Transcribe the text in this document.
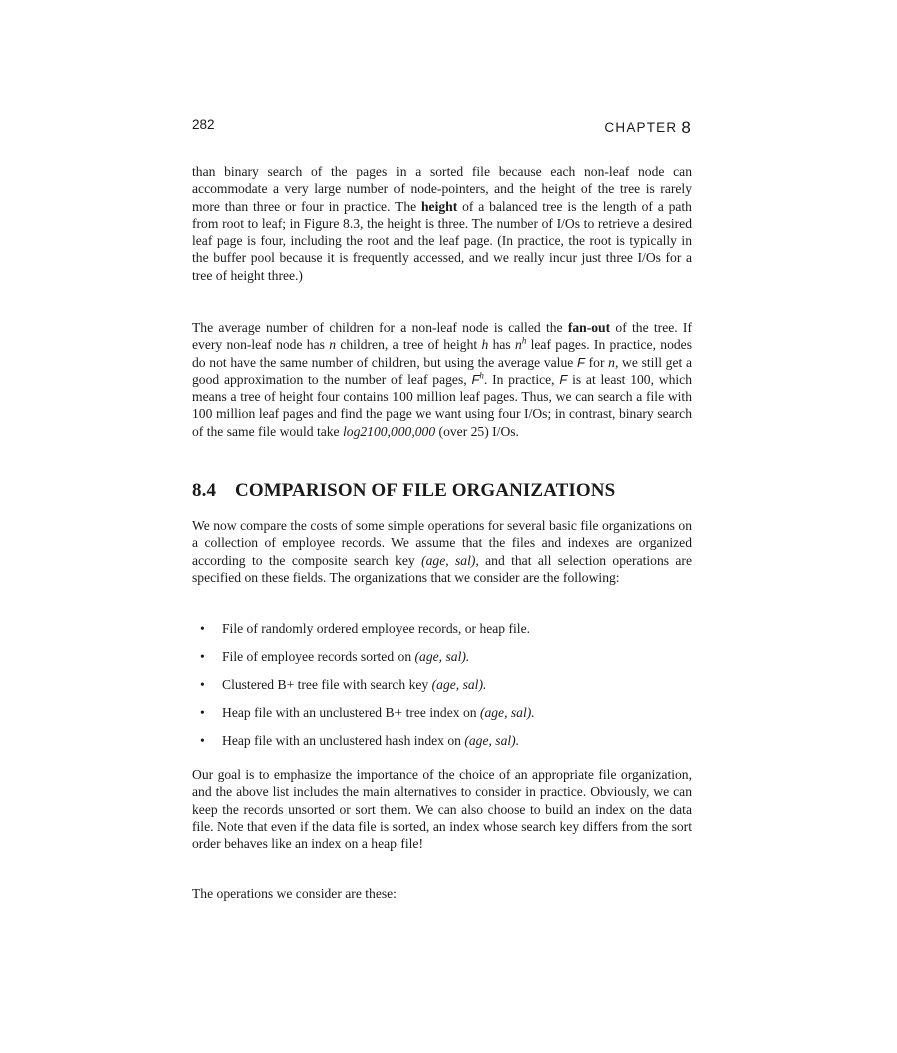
282	CHAPTER 8

than binary search of the pages in a sorted file because each non-leaf node can accommodate a very large number of node-pointers, and the height of the tree is rarely more than three or four in practice. The height of a balanced tree is the length of a path from root to leaf; in Figure 8.3, the height is three. The number of I/Os to retrieve a desired leaf page is four, including the root and the leaf page. (In practice, the root is typically in the buffer pool because it is frequently accessed, and we really incur just three I/Os for a tree of height three.)

The average number of children for a non-leaf node is called the fan-out of the tree. If every non-leaf node has n children, a tree of height h has $n^h$ leaf pages. In practice, nodes do not have the same number of children, but using the average value F for n, we still get a good approximation to the number of leaf pages, $F^h$. In practice, F is at least 100, which means a tree of height four contains 100 million leaf pages. Thus, we can search a file with 100 million leaf pages and find the page we want using four I/Os; in contrast, binary search of the same file would take log2100,000,000 (over 25) I/Os.

8.4 COMPARISON OF FILE ORGANIZATIONS

We now compare the costs of some simple operations for several basic file organizations on a collection of employee records. We assume that the files and indexes are organized according to the composite search key (age, sal), and that all selection operations are specified on these fields. The organizations that we consider are the following:

• File of randomly ordered employee records, or heap file.
• File of employee records sorted on (age, sal).
• Clustered B+ tree file with search key (age, sal).
• Heap file with an unclustered B+ tree index on (age, sal).
• Heap file with an unclustered hash index on (age, sal).

Our goal is to emphasize the importance of the choice of an appropriate file organization, and the above list includes the main alternatives to consider in practice. Obviously, we can keep the records unsorted or sort them. We can also choose to build an index on the data file. Note that even if the data file is sorted, an index whose search key differs from the sort order behaves like an index on a heap file!

The operations we consider are these:
